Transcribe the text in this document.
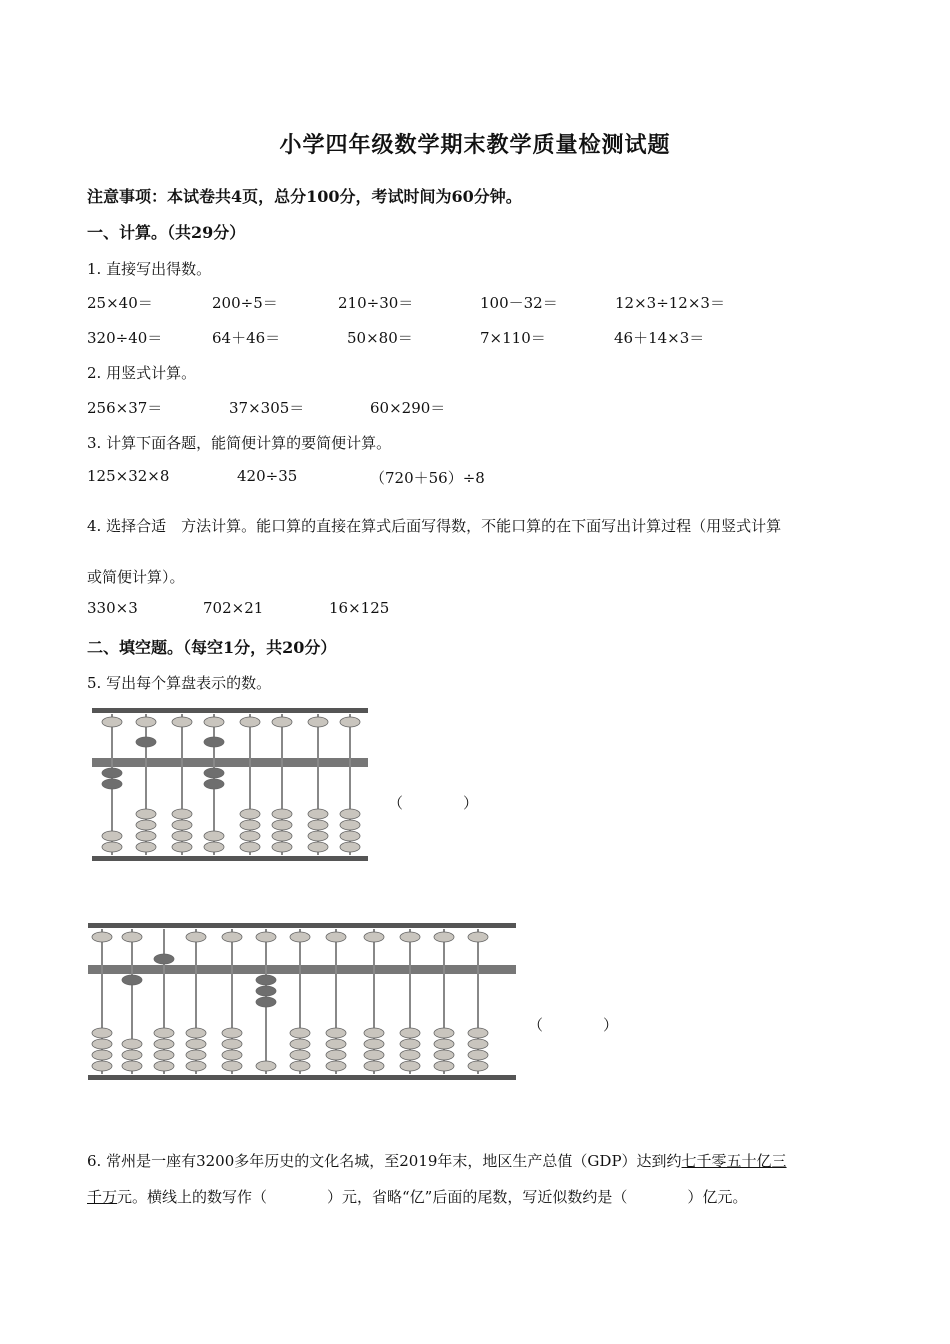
小学四年级数学期末教学质量检测试题
注意事项：本试卷共4页，总分100分，考试时间为60分钟。
一、计算。（共29分）
1. 直接写出得数。
25×40＝	200÷5＝	210÷30＝	100－32＝	12×3÷12×3＝
320÷40＝	64＋46＝	50×80＝	7×110＝	46＋14×3＝
2. 用竖式计算。
256×37＝	37×305＝	60×290＝
3. 计算下面各题，能简便计算的要简便计算。
125×32×8	420÷35	（720＋56）÷8
4. 选择合适　方法计算。能口算的直接在算式后面写得数，不能口算的在下面写出计算过程（用竖式计算
或简便计算）。
330×3	702×21	16×125
二、填空题。（每空1分，共20分）
5. 写出每个算盘表示的数。
（　　　　）
（　　　　）
6. 常州是一座有3200多年历史的文化名城，至2019年末，地区生产总值（GDP）达到约七千零五十亿三
千万元。横线上的数写作（　　　　）元，省略“亿”后面的尾数，写近似数约是（　　　　）亿元。
